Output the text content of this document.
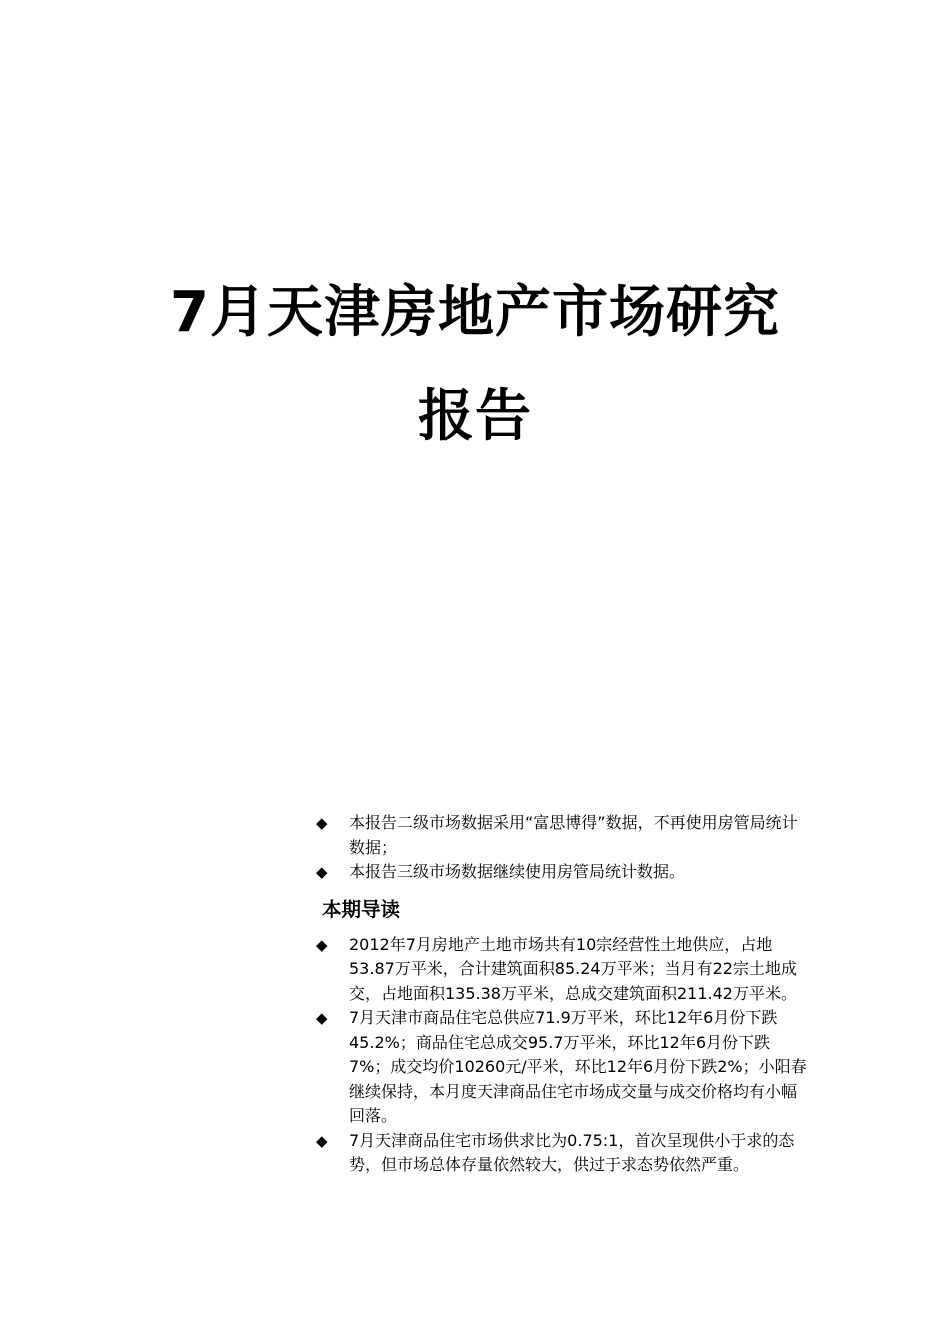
7月天津房地产市场研究
报告
◆ 本报告二级市场数据采用“富思博得”数据，不再使用房管局统计数据；
◆ 本报告三级市场数据继续使用房管局统计数据。
本期导读
◆ 2012年7月房地产土地市场共有10宗经营性土地供应，占地53.87万平米，合计建筑面积85.24万平米；当月有22宗土地成交，占地面积135.38万平米，总成交建筑面积211.42万平米。
◆ 7月天津市商品住宅总供应71.9万平米，环比12年6月份下跌45.2%；商品住宅总成交95.7万平米，环比12年6月份下跌7%；成交均价10260元/平米，环比12年6月份下跌2%；小阳春继续保持，本月度天津商品住宅市场成交量与成交价格均有小幅回落。
◆ 7月天津商品住宅市场供求比为0.75:1，首次呈现供小于求的态势，但市场总体存量依然较大，供过于求态势依然严重。
